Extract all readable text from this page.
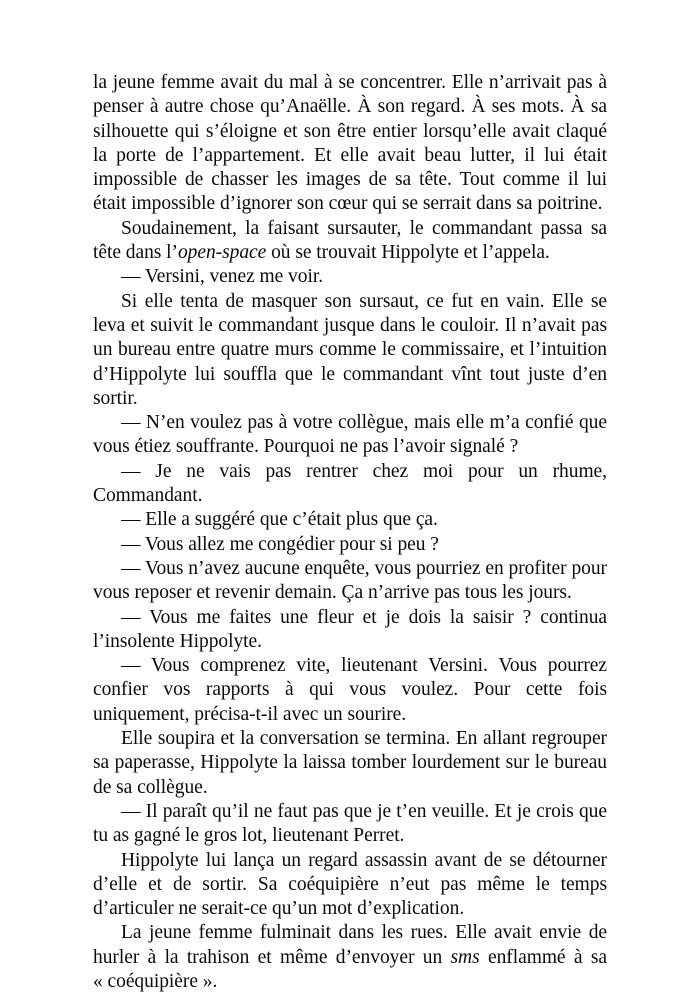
la jeune femme avait du mal à se concentrer. Elle n’arrivait pas à penser à autre chose qu’Anaëlle. À son regard. À ses mots. À sa silhouette qui s’éloigne et son être entier lorsqu’elle avait claqué la porte de l’appartement. Et elle avait beau lutter, il lui était impossible de chasser les images de sa tête. Tout comme il lui était impossible d’ignorer son cœur qui se serrait dans sa poitrine.

Soudainement, la faisant sursauter, le commandant passa sa tête dans l’open-space où se trouvait Hippolyte et l’appela.

— Versini, venez me voir.

Si elle tenta de masquer son sursaut, ce fut en vain. Elle se leva et suivit le commandant jusque dans le couloir. Il n’avait pas un bureau entre quatre murs comme le commissaire, et l’intuition d’Hippolyte lui souffla que le commandant vînt tout juste d’en sortir.

— N’en voulez pas à votre collègue, mais elle m’a confié que vous étiez souffrante. Pourquoi ne pas l’avoir signalé ?

— Je ne vais pas rentrer chez moi pour un rhume, Commandant.

— Elle a suggéré que c’était plus que ça.

— Vous allez me congédier pour si peu ?

— Vous n’avez aucune enquête, vous pourriez en profiter pour vous reposer et revenir demain. Ça n’arrive pas tous les jours.

— Vous me faites une fleur et je dois la saisir ? continua l’insolente Hippolyte.

— Vous comprenez vite, lieutenant Versini. Vous pourrez confier vos rapports à qui vous voulez. Pour cette fois uniquement, précisa-t-il avec un sourire.

Elle soupira et la conversation se termina. En allant regrouper sa paperasse, Hippolyte la laissa tomber lourdement sur le bureau de sa collègue.

— Il paraît qu’il ne faut pas que je t’en veuille. Et je crois que tu as gagné le gros lot, lieutenant Perret.

Hippolyte lui lança un regard assassin avant de se détourner d’elle et de sortir. Sa coéquipière n’eut pas même le temps d’articuler ne serait-ce qu’un mot d’explication.

La jeune femme fulminait dans les rues. Elle avait envie de hurler à la trahison et même d’envoyer un sms enflammé à sa « coéquipière ».
